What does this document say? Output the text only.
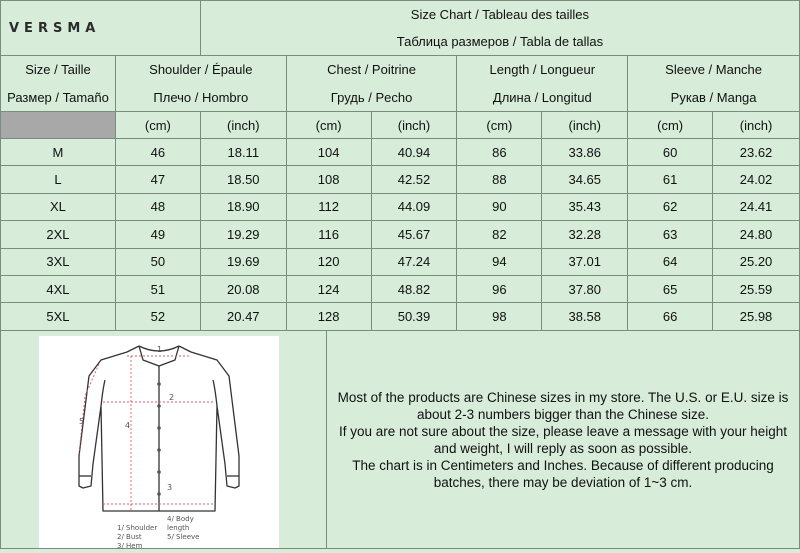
VERSMA		Size Chart / Tableau des tailles						
		Таблица размеров / Tabla de tallas						
Size / Taille	Shoulder / Épaule		Chest / Poitrine		Length / Longueur		Sleeve / Manche	
Размер / Tamaño	Плечо / Hombro		Грудь / Pecho		Длина / Longitud		Рукав / Manga	
	(cm)	(inch)	(cm)	(inch)	(cm)	(inch)	(cm)	(inch)
M	46	18.11	104	40.94	86	33.86	60	23.62
L	47	18.50	108	42.52	88	34.65	61	24.02
XL	48	18.90	112	44.09	90	35.43	62	24.41
2XL	49	19.29	116	45.67	82	32.28	63	24.80
3XL	50	19.69	120	47.24	94	37.01	64	25.20
4XL	51	20.08	124	48.82	96	37.80	65	25.59
5XL	52	20.47	128	50.39	98	38.58	66	25.98
1
2
3
4
5
1/ Shoulder4/ Body length
2/ Bust	5/ Sleeve
3/ Hem

Most of the products are Chinese sizes in my store. The U.S. or E.U. size is

about 2-3 numbers bigger than the Chinese size.

If you are not sure about the size, please leave a message with your height

and weight, I will reply as soon as possible.

The chart is in Centimeters and Inches. Because of different producing

batches, there may be deviation of 1~3 cm.
